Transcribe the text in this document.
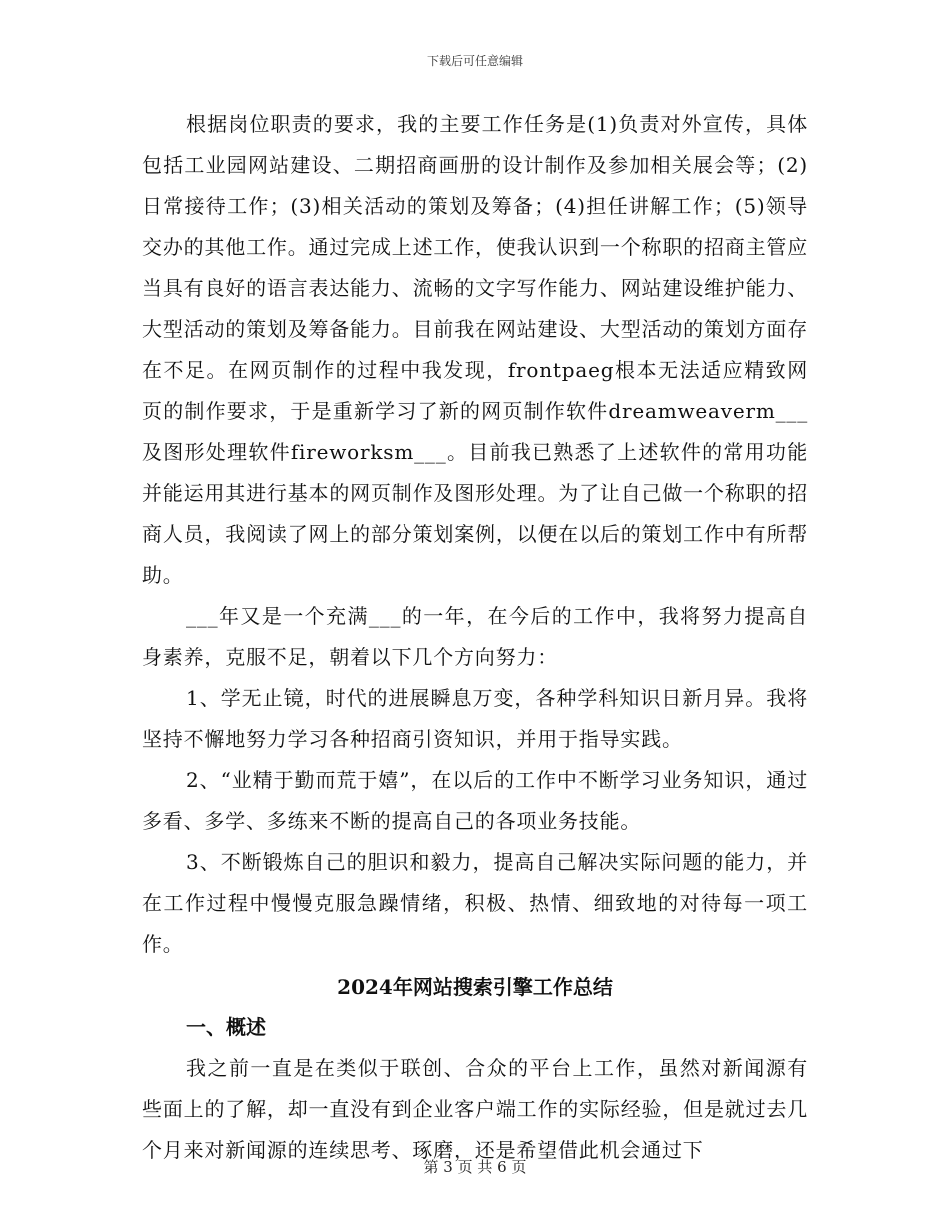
下载后可任意编辑

根据岗位职责的要求，我的主要工作任务是(1)负责对外宣传，具体包括工业园网站建设、二期招商画册的设计制作及参加相关展会等；(2)日常接待工作；(3)相关活动的策划及筹备；(4)担任讲解工作；(5)领导交办的其他工作。通过完成上述工作，使我认识到一个称职的招商主管应当具有良好的语言表达能力、流畅的文字写作能力、网站建设维护能力、大型活动的策划及筹备能力。目前我在网站建设、大型活动的策划方面存在不足。在网页制作的过程中我发现，frontpaeg根本无法适应精致网页的制作要求，于是重新学习了新的网页制作软件dreamweaverm___及图形处理软件fireworksm___。目前我已熟悉了上述软件的常用功能并能运用其进行基本的网页制作及图形处理。为了让自己做一个称职的招商人员，我阅读了网上的部分策划案例，以便在以后的策划工作中有所帮助。

___年又是一个充满___的一年，在今后的工作中，我将努力提高自身素养，克服不足，朝着以下几个方向努力：

1、学无止镜，时代的进展瞬息万变，各种学科知识日新月异。我将坚持不懈地努力学习各种招商引资知识，并用于指导实践。

2、“业精于勤而荒于嬉”，在以后的工作中不断学习业务知识，通过多看、多学、多练来不断的提高自己的各项业务技能。

3、不断锻炼自己的胆识和毅力，提高自己解决实际问题的能力，并在工作过程中慢慢克服急躁情绪，积极、热情、细致地的对待每一项工作。

2024年网站搜索引擎工作总结
一、概述

我之前一直是在类似于联创、合众的平台上工作，虽然对新闻源有些面上的了解，却一直没有到企业客户端工作的实际经验，但是就过去几个月来对新闻源的连续思考、琢磨，还是希望借此机会通过下

第 3 页 共 6 页
